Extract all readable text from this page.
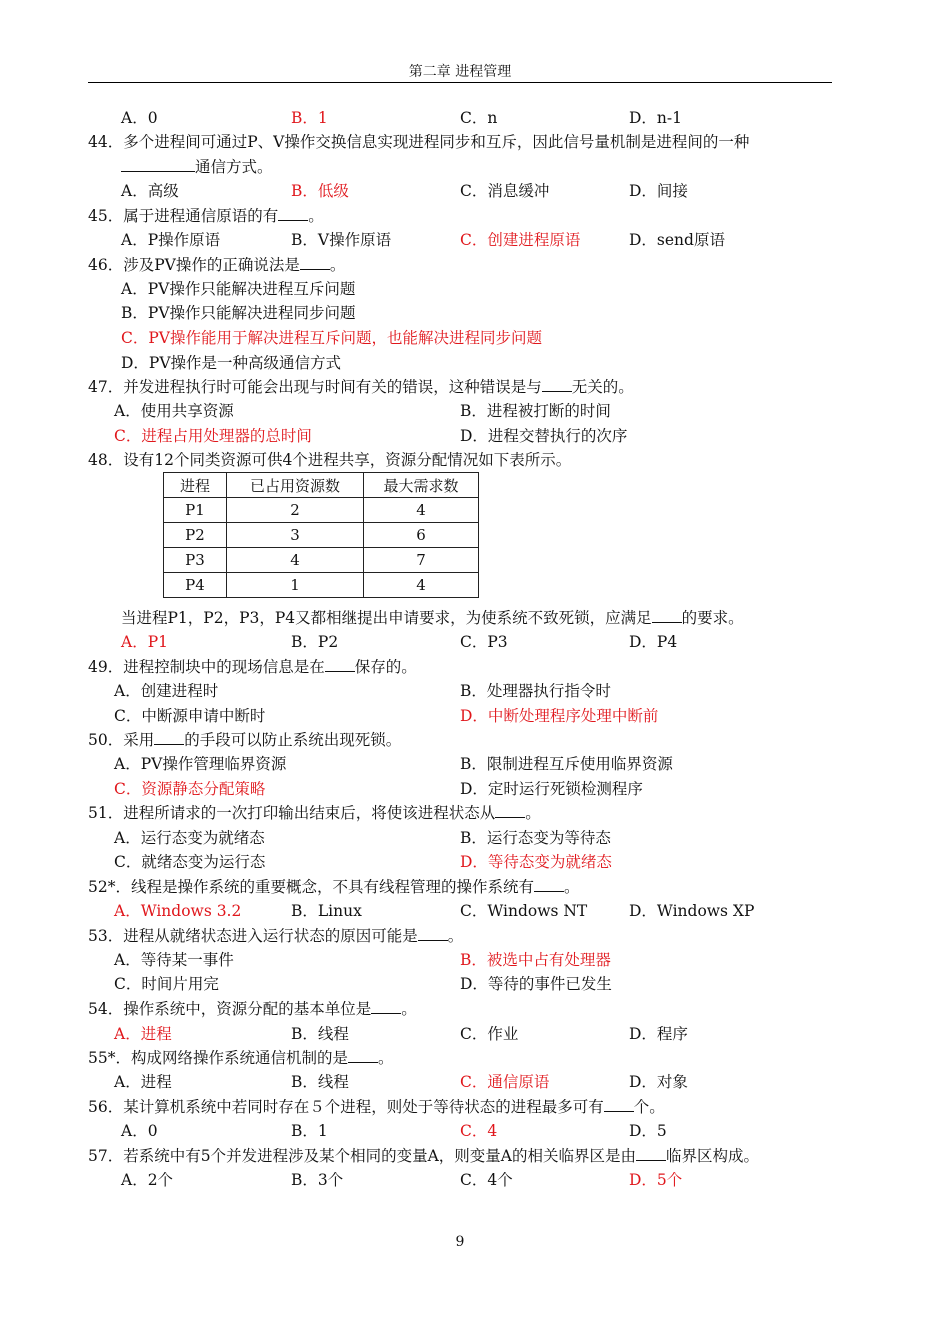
第二章 进程管理
A．0	B．1	C．n	D．n-1
44．多个进程间可通过P、V操作交换信息实现进程同步和互斥，因此信号量机制是进程间的一种
通信方式。
A．高级	B．低级	C．消息缓冲	D．间接
45．属于进程通信原语的有 。
A．P操作原语	B．V操作原语	C．创建进程原语	D．send原语
46．涉及PV操作的正确说法是 。
A．PV操作只能解决进程互斥问题
B．PV操作只能解决进程同步问题
C．PV操作能用于解决进程互斥问题，也能解决进程同步问题
D．PV操作是一种高级通信方式
47．并发进程执行时可能会出现与时间有关的错误，这种错误是与 无关的。
A．使用共享资源	B．进程被打断的时间
C．进程占用处理器的总时间	D．进程交替执行的次序
48．设有12个同类资源可供4个进程共享，资源分配情况如下表所示。
进程	已占用资源数	最大需求数
P1	2	4
P2	3	6
P3	4	7
P4	1	4
当进程P1，P2，P3，P4又都相继提出申请要求，为使系统不致死锁，应满足 的要求。
A．P1	B．P2	C．P3	D．P4
49．进程控制块中的现场信息是在 保存的。
A．创建进程时	B．处理器执行指令时
C．中断源申请中断时	D．中断处理程序处理中断前
50．采用 的手段可以防止系统出现死锁。
A．PV操作管理临界资源	B．限制进程互斥使用临界资源
C．资源静态分配策略	D．定时运行死锁检测程序
51．进程所请求的一次打印输出结束后，将使该进程状态从 。
A．运行态变为就绪态	B．运行态变为等待态
C．就绪态变为运行态	D．等待态变为就绪态
52*．线程是操作系统的重要概念，不具有线程管理的操作系统有 。
A．Windows 3.2	B．Linux	C．Windows NT	D．Windows XP
53．进程从就绪状态进入运行状态的原因可能是 。
A．等待某一事件	B．被选中占有处理器
C．时间片用完	D．等待的事件已发生
54．操作系统中，资源分配的基本单位是 。
A．进程	B．线程	C．作业	D．程序
55*．构成网络操作系统通信机制的是 。
A．进程	B．线程	C．通信原语	D．对象
56．某计算机系统中若同时存在５个进程，则处于等待状态的进程最多可有 个。
A．0	B．1	C．4	D．5
57．若系统中有5个并发进程涉及某个相同的变量A，则变量A的相关临界区是由 临界区构成。
A．2个	B．3个	C．4个	D．5个
9
